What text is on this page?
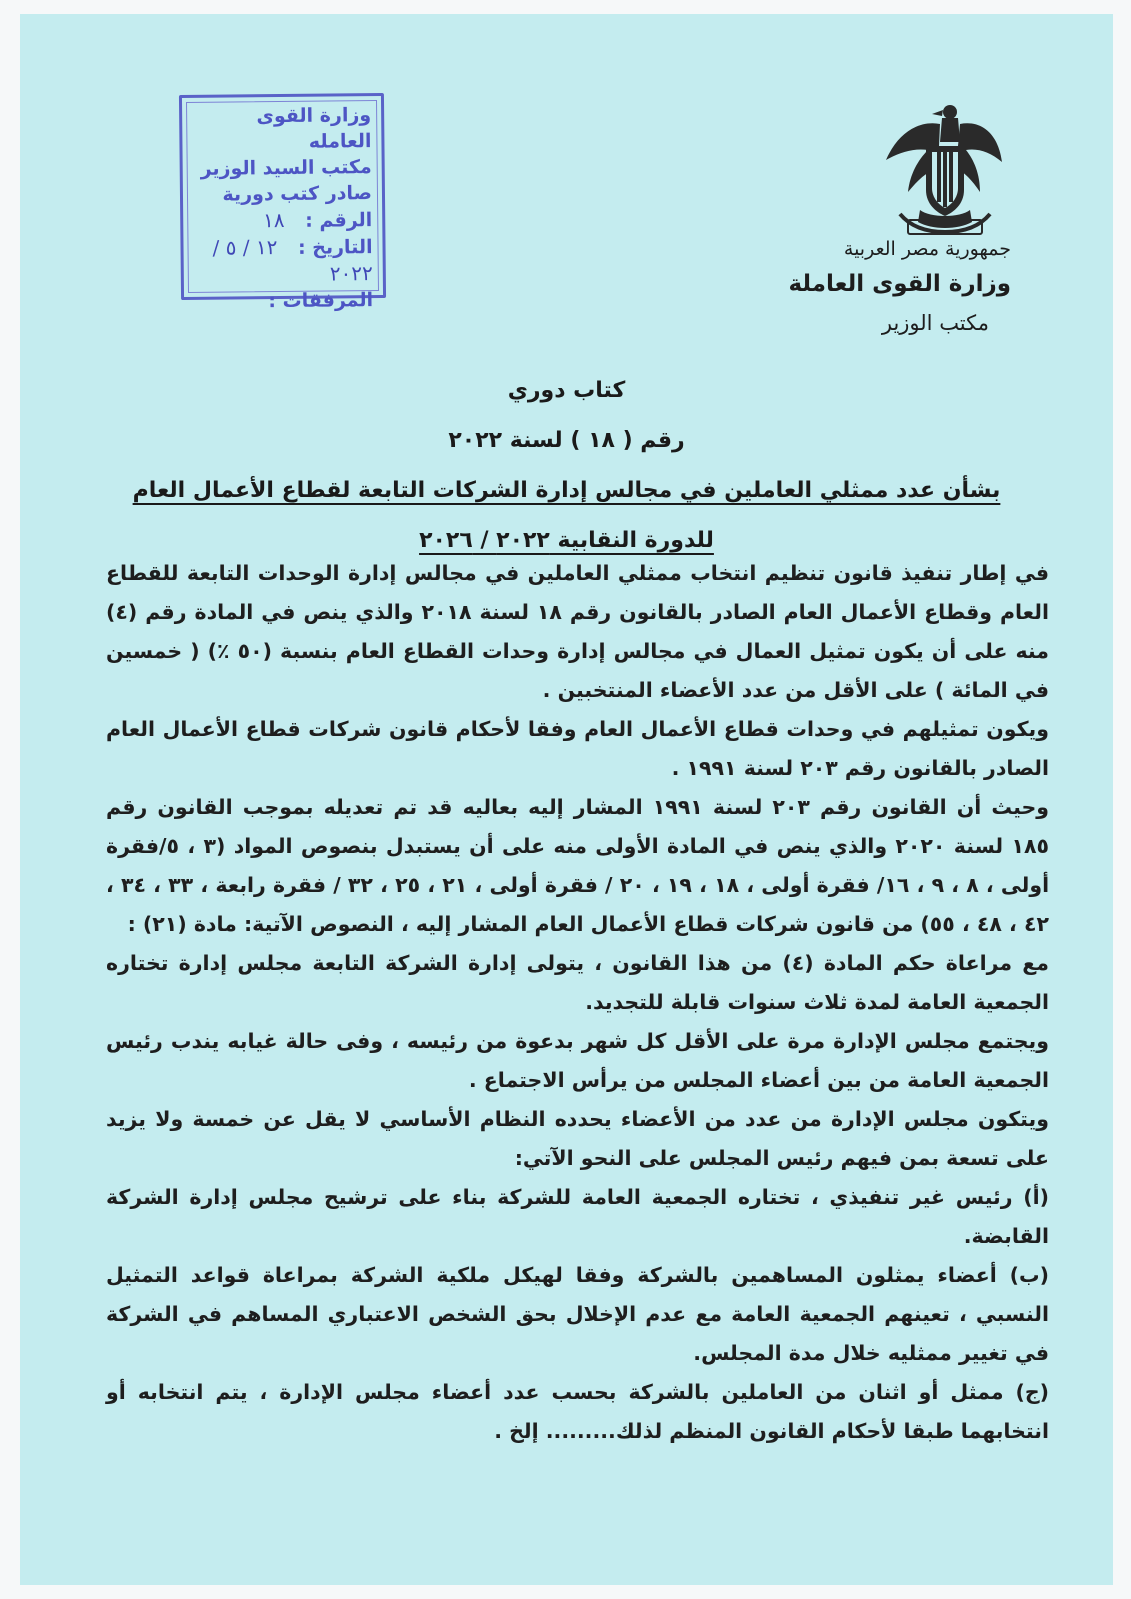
وزارة القوى العامله
مكتب السيد الوزير
صادر كتب دورية
الرقم : ١٨
التاريخ : ١٢ / ٥ /٢٠٢٢
المرفقات :
جمهورية مصر العربية
وزارة القوى العاملة
مكتب الوزير
كتاب دوري
رقم ( ١٨ ) لسنة ٢٠٢٢
بشأن عدد ممثلي العاملين في مجالس إدارة الشركات التابعة لقطاع الأعمال العام
للدورة النقابية ٢٠٢٢ / ٢٠٢٦

في إطار تنفيذ قانون تنظيم انتخاب ممثلي العاملين في مجالس إدارة الوحدات التابعة للقطاع العام وقطاع الأعمال العام الصادر بالقانون رقم ١٨ لسنة ٢٠١٨ والذي ينص في المادة رقم (٤) منه على أن يكون تمثيل العمال في مجالس إدارة وحدات القطاع العام بنسبة (٥٠ ٪) ( خمسين في المائة ) على الأقل من عدد الأعضاء المنتخبين .

ويكون تمثيلهم في وحدات قطاع الأعمال العام وفقا لأحكام قانون شركات قطاع الأعمال العام الصادر بالقانون رقم ٢٠٣ لسنة ١٩٩١ .

وحيث أن القانون رقم ٢٠٣ لسنة ١٩٩١ المشار إليه بعاليه قد تم تعديله بموجب القانون رقم ١٨٥ لسنة ٢٠٢٠ والذي ينص في المادة الأولى منه على أن يستبدل بنصوص المواد (٣ ، ٥/فقرة أولى ، ٨ ، ٩ ، ١٦/ فقرة أولى ، ١٨ ، ١٩ ، ٢٠ / فقرة أولى ، ٢١ ، ٢٥ ، ٣٢ / فقرة رابعة ، ٣٣ ، ٣٤ ، ٤٢ ، ٤٨ ، ٥٥) من قانون شركات قطاع الأعمال العام المشار إليه ، النصوص الآتية: مادة (٢١) :

مع مراعاة حكم المادة (٤) من هذا القانون ، يتولى إدارة الشركة التابعة مجلس إدارة تختاره الجمعية العامة لمدة ثلاث سنوات قابلة للتجديد.

ويجتمع مجلس الإدارة مرة على الأقل كل شهر بدعوة من رئيسه ، وفى حالة غيابه يندب رئيس الجمعية العامة من بين أعضاء المجلس من يرأس الاجتماع .

ويتكون مجلس الإدارة من عدد من الأعضاء يحدده النظام الأساسي لا يقل عن خمسة ولا يزيد على تسعة بمن فيهم رئيس المجلس على النحو الآتي:

(أ) رئيس غير تنفيذي ، تختاره الجمعية العامة للشركة بناء على ترشيح مجلس إدارة الشركة القابضة.

(ب) أعضاء يمثلون المساهمين بالشركة وفقا لهيكل ملكية الشركة بمراعاة قواعد التمثيل النسبي ، تعينهم الجمعية العامة مع عدم الإخلال بحق الشخص الاعتباري المساهم في الشركة في تغيير ممثليه خلال مدة المجلس.

(ج) ممثل أو اثنان من العاملين بالشركة بحسب عدد أعضاء مجلس الإدارة ، يتم انتخابه أو انتخابهما طبقا لأحكام القانون المنظم لذلك......... إلخ .
